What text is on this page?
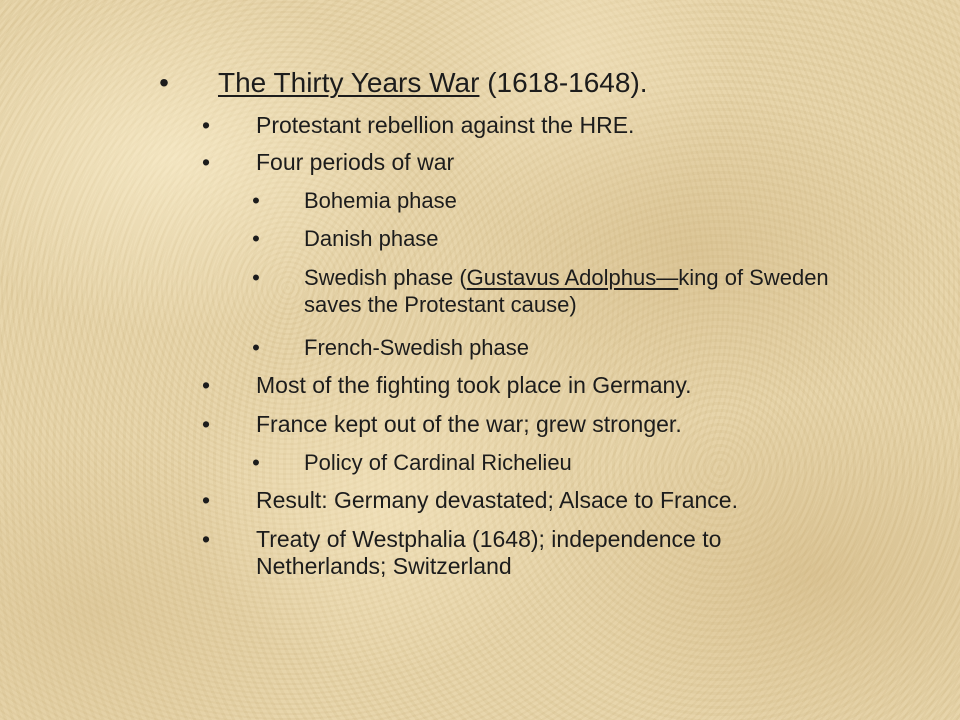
• The Thirty Years War (1618-1648).
• Protestant rebellion against the HRE.
• Four periods of war
• Bohemia phase
• Danish phase
• Swedish phase (Gustavus Adolphus—king of Sweden saves the Protestant cause)
• French-Swedish phase
• Most of the fighting took place in Germany.
• France kept out of the war; grew stronger.
• Policy of Cardinal Richelieu
• Result: Germany devastated; Alsace to France.
• Treaty of Westphalia (1648); independence to Netherlands; Switzerland
